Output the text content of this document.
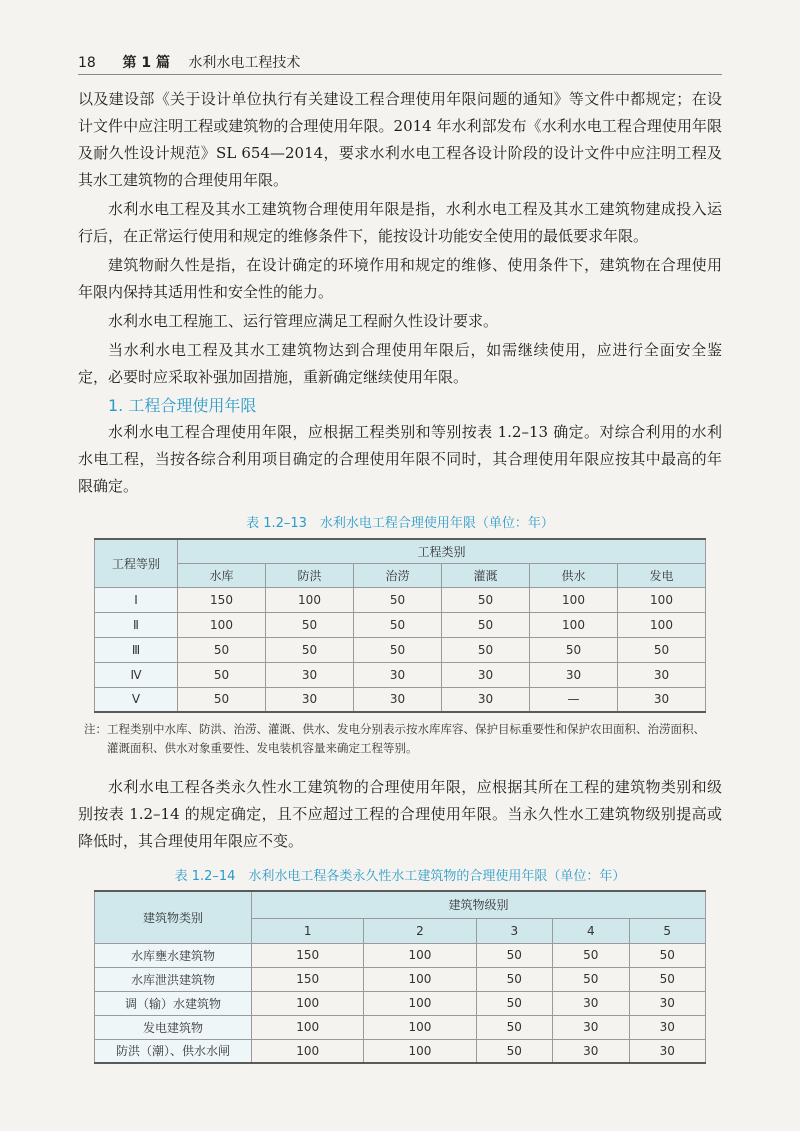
18 第 1 篇 水利水电工程技术

以及建设部《关于设计单位执行有关建设工程合理使用年限问题的通知》等文件中都规定；在设计文件中应注明工程或建筑物的合理使用年限。2014 年水利部发布《水利水电工程合理使用年限及耐久性设计规范》SL 654—2014，要求水利水电工程各设计阶段的设计文件中应注明工程及其水工建筑物的合理使用年限。

水利水电工程及其水工建筑物合理使用年限是指，水利水电工程及其水工建筑物建成投入运行后，在正常运行使用和规定的维修条件下，能按设计功能安全使用的最低要求年限。

建筑物耐久性是指，在设计确定的环境作用和规定的维修、使用条件下，建筑物在合理使用年限内保持其适用性和安全性的能力。

水利水电工程施工、运行管理应满足工程耐久性设计要求。

当水利水电工程及其水工建筑物达到合理使用年限后，如需继续使用，应进行全面安全鉴定，必要时应采取补强加固措施，重新确定继续使用年限。

1. 工程合理使用年限

水利水电工程合理使用年限，应根据工程类别和等别按表 1.2–13 确定。对综合利用的水利水电工程，当按各综合利用项目确定的合理使用年限不同时，其合理使用年限应按其中最高的年限确定。

表 1.2–13　水利水电工程合理使用年限（单位：年）
工程等别	工程类别					
	水库	防洪	治涝	灌溉	供水	发电
Ⅰ	150	100	50	50	100	100
Ⅱ	100	50	50	50	100	100
Ⅲ	50	50	50	50	50	50
Ⅳ	50	30	30	30	30	30
Ⅴ	50	30	30	30	—	30
注：工程类别中水库、防洪、治涝、灌溉、供水、发电分别表示按水库库容、保护目标重要性和保护农田面积、治涝面积、灌溉面积、供水对象重要性、发电装机容量来确定工程等别。

水利水电工程各类永久性水工建筑物的合理使用年限，应根据其所在工程的建筑物类别和级别按表 1.2–14 的规定确定，且不应超过工程的合理使用年限。当永久性水工建筑物级别提高或降低时，其合理使用年限应不变。

表 1.2–14　水利水电工程各类永久性水工建筑物的合理使用年限（单位：年）
建筑物类别	建筑物级别				
	1	2	3	4	5
水库壅水建筑物	150	100	50	50	50
水库泄洪建筑物	150	100	50	50	50
调（输）水建筑物	100	100	50	30	30
发电建筑物	100	100	50	30	30
防洪（潮）、供水水闸	100	100	50	30	30
